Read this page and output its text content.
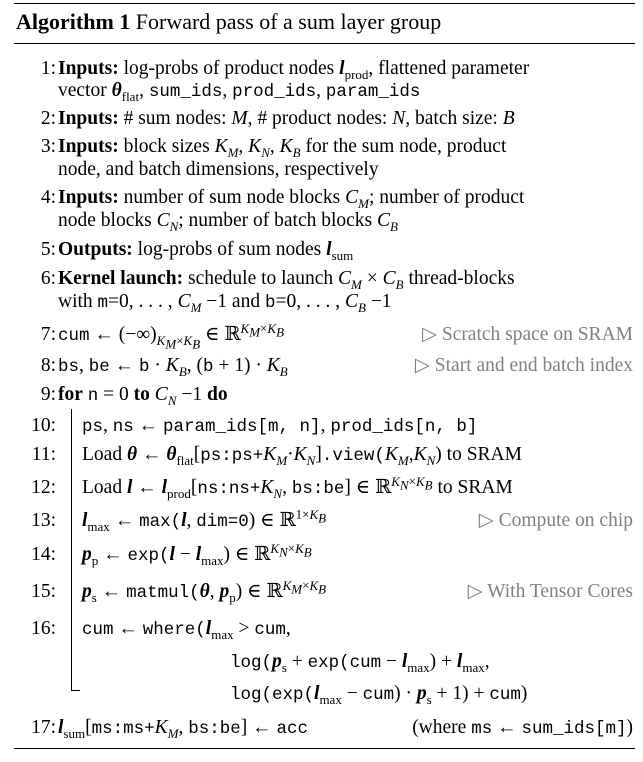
Algorithm 1 Forward pass of a sum layer group
1: Inputs: log-probs of product nodes $l_{prod}$, flattened parameter
vector $\theta_{flat}$, sum_ids, prod_ids, param_ids
2: Inputs: # sum nodes: M, # product nodes: N, batch size: B
3: Inputs: block sizes $K_M$, $K_N$, $K_B$ for the sum node, product
node, and batch dimensions, respectively
4: Inputs: number of sum node blocks $C_M$; number of product
node blocks $C_N$; number of batch blocks $C_B$
5: Outputs: log-probs of sum nodes $l_{sum}$
6: Kernel launch: schedule to launch $C_M \times C_B$ thread-blocks
with m=0, . . . , $C_M -1$ and b=0, . . . , $C_B -1$
7: cum ← $(-\infty)_{K_M\times K_B}$ ∈ ℝ$^{K_M\times K_B}$	▷ Scratch space on SRAM
8: bs, be ← $b \cdot K_B$, $(b + 1) \cdot K_B$	▷ Start and end batch index
9: for n = 0 to $C_N -1$ do
10: ps, ns ← param_ids[m, n], prod_ids[n, b]
11: Load θ ← $\theta_{flat}[ps:ps+K_M\cdot K_N].view(K_M,K_N)$ to SRAM
12: Load l ← $l_{prod}[ns:ns+K_N$, bs:be] ∈ ℝ$^{K_N\times K_B}$ to SRAM
13: $l_{max}$ ← max(l, dim=0) ∈ ℝ$^{1\times K_B}$	▷ Compute on chip
14: $p_p$ ← $\exp(l - l_{max})$ ∈ ℝ$^{K_N\times K_B}$
15: $p_s$ ← matmul(θ, $p_p$) ∈ ℝ$^{K_M\times K_B}$	▷ With Tensor Cores
16: cum ← $where(l_{max}$ > cum,
$\log(p_s + \exp(cum - l_{max}) + l_{max}$,
$\log(\exp(l_{max} - cum) \cdot p_s + 1) + cum$)
17: $l_{sum}[ms:ms+K_M$, bs:be] ← acc	(where ms ← sum_ids[m])
